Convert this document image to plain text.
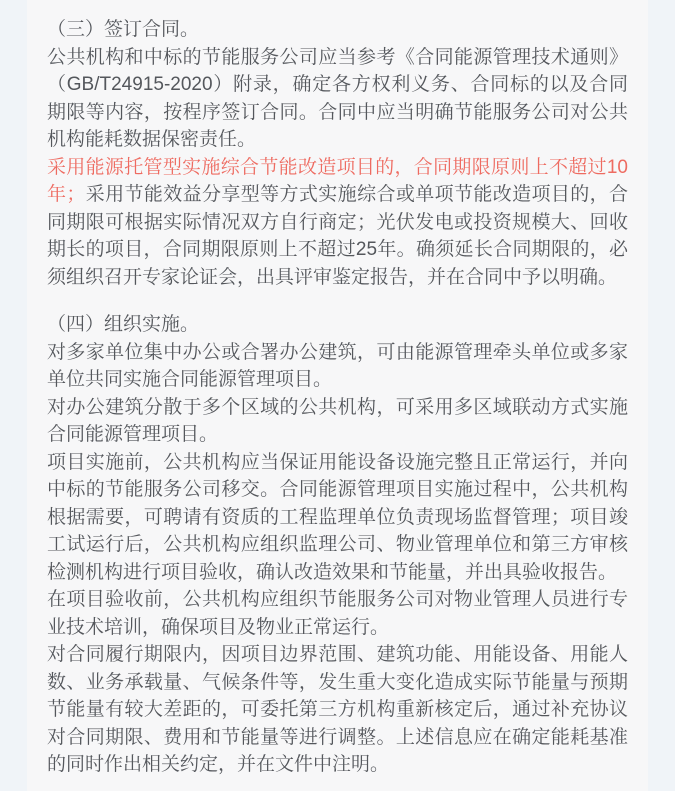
（三）签订合同。

公共机构和中标的节能服务公司应当参考《合同能源管理技术通则》（GB/T24915-2020）附录，确定各方权利义务、合同标的以及合同期限等内容，按程序签订合同。合同中应当明确节能服务公司对公共机构能耗数据保密责任。

采用能源托管型实施综合节能改造项目的，合同期限原则上不超过10年；采用节能效益分享型等方式实施综合或单项节能改造项目的，合同期限可根据实际情况双方自行商定；光伏发电或投资规模大、回收期长的项目，合同期限原则上不超过25年。确须延长合同期限的，必须组织召开专家论证会，出具评审鉴定报告，并在合同中予以明确。

（四）组织实施。

对多家单位集中办公或合署办公建筑，可由能源管理牵头单位或多家单位共同实施合同能源管理项目。

对办公建筑分散于多个区域的公共机构，可采用多区域联动方式实施合同能源管理项目。

项目实施前，公共机构应当保证用能设备设施完整且正常运行，并向中标的节能服务公司移交。合同能源管理项目实施过程中，公共机构根据需要，可聘请有资质的工程监理单位负责现场监督管理；项目竣工试运行后，公共机构应组织监理公司、物业管理单位和第三方审核检测机构进行项目验收，确认改造效果和节能量，并出具验收报告。

在项目验收前，公共机构应组织节能服务公司对物业管理人员进行专业技术培训，确保项目及物业正常运行。

对合同履行期限内，因项目边界范围、建筑功能、用能设备、用能人数、业务承载量、气候条件等，发生重大变化造成实际节能量与预期节能量有较大差距的，可委托第三方机构重新核定后，通过补充协议对合同期限、费用和节能量等进行调整。上述信息应在确定能耗基准的同时作出相关约定，并在文件中注明。
